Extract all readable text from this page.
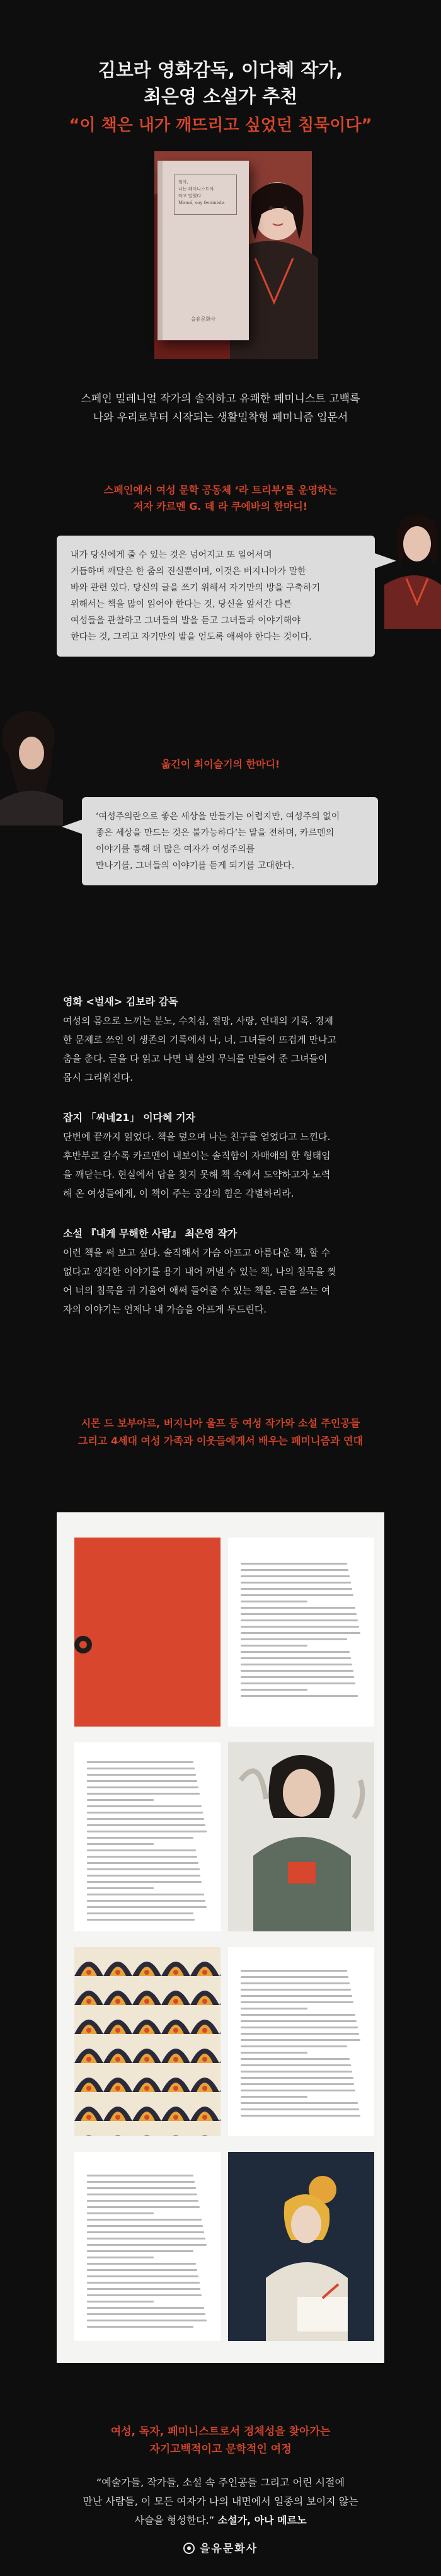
김보라 영화감독, 이다혜 작가,
최은영 소설가 추천
“이 책은 내가 깨뜨리고 싶었던 침묵이다”
엄마,
나는 페미니스트야
라고 말했다
Mamá, soy feminista
을유문화사
스페인 밀레니얼 작가의 솔직하고 유쾌한 페미니스트 고백록
나와 우리로부터 시작되는 생활밀착형 페미니즘 입문서
스페인에서 여성 문학 공동체 ‘라 트리부’를 운영하는
저자 카르멘 G. 데 라 쿠에바의 한마디!
내가 당신에게 줄 수 있는 것은 넘어지고 또 일어서며
거듭하며 깨달은 한 줌의 진실뿐이며, 이것은 버지니아가 말한
바와 관련 있다. 당신의 글을 쓰기 위해서 자기만의 방을 구축하기
위해서는 책을 많이 읽어야 한다는 것, 당신을 앞서간 다른
여성들을 관찰하고 그녀들의 발을 듣고 그녀들과 이야기해야
한다는 것, 그리고 자기만의 발을 얻도록 애써야 한다는 것이다.
옮긴이 최이슬기의 한마디!
‘여성주의란으로 좋은 세상을 만들기는 어렵지만, 여성주의 없이
좋은 세상을 만드는 것은 불가능하다’는 말을 전하며, 카르멘의
이야기를 통해 더 많은 여자가 여성주의를
만나기를, 그녀들의 이야기를 듣게 되기를 고대한다.
영화 <벌새> 김보라 감독
여성의 몸으로 느끼는 분노, 수치심, 절망, 사랑, 연대의 기록. 경제
한 문제로 쓰인 이 생존의 기록에서 나, 너, 그녀들이 뜨겁게 만나고
춤을 춘다. 글을 다 읽고 나면 내 살의 무늬를 만들어 준 그녀들이
몹시 그리워진다.
잡지 「씨네21」 이다혜 기자
단번에 끝까지 읽었다. 책을 덮으며 나는 친구를 얻었다고 느낀다.
후반부로 갈수록 카르멘이 내보이는 솔직함이 자매애의 한 형태임
을 깨닫는다. 현실에서 답을 찾지 못해 책 속에서 도약하고자 노력
해 온 여성들에게, 이 책이 주는 공감의 힘은 각별하리라.
소설 『내게 무해한 사람』 최은영 작가
이런 책을 써 보고 싶다. 솔직해서 가슴 아프고 아름다운 책, 할 수
없다고 생각한 이야기를 용기 내어 꺼낼 수 있는 책, 나의 침묵을 찢
어 너의 침묵을 귀 기울여 애써 들어줄 수 있는 책을. 글을 쓰는 여
자의 이야기는 언제나 내 가슴을 아프게 두드린다.
시몬 드 보부아르, 버지니아 울프 등 여성 작가와 소설 주인공들
그리고 4세대 여성 가족과 이웃들에게서 배우는 페미니즘과 연대
여성, 독자, 페미니스트로서 정체성을 찾아가는
자기고백적이고 문학적인 여정
“예술가들, 작가들, 소설 속 주인공들 그리고 어린 시절에
만난 사람들, 이 모든 여자가 나의 내면에서 일종의 보이지 않는
사슬을 형성한다.” 소설가, 아나 메르노
을유문화사
